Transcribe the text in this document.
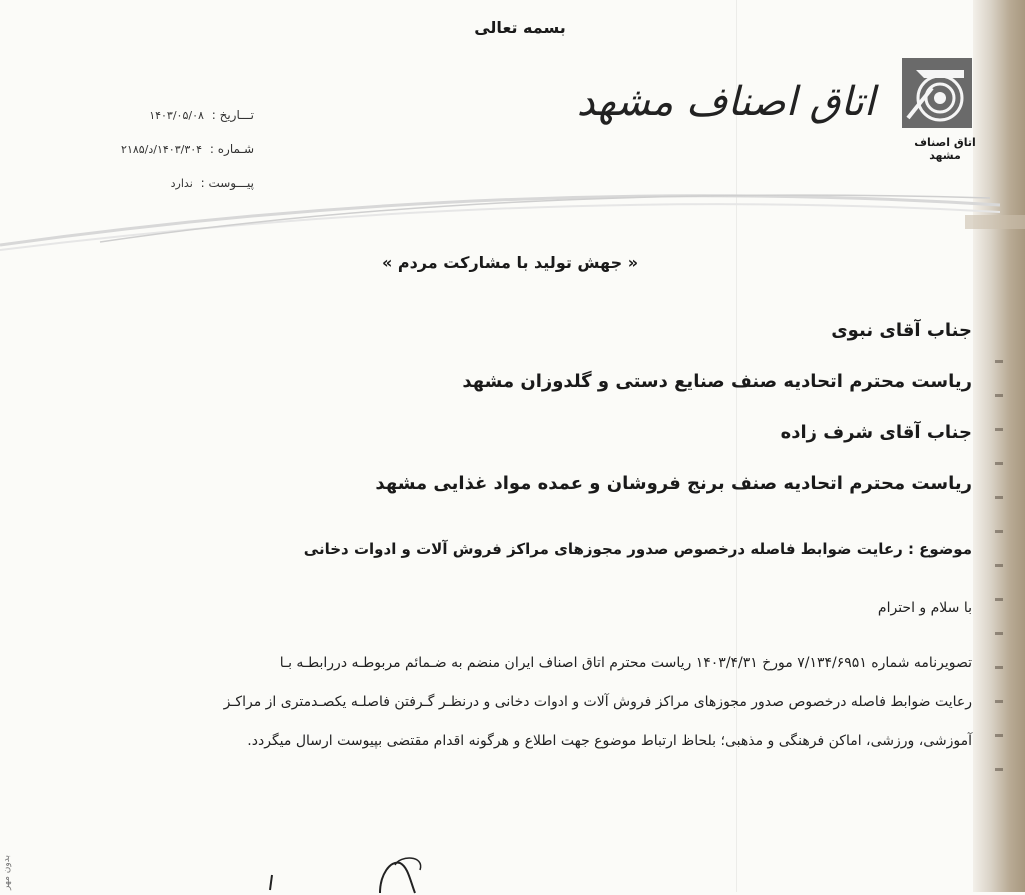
بسمه تعالی
اتاق اصناف مشهد
اتاق اصناف مشهد
تـــاریخ : ۱۴۰۳/۰۵/۰۸
شـماره : ۱۴۰۳/۳۰۴/د/۲۱۸۵
پیـــوست : ندارد
« جهش تولید با مشارکت مردم »
جناب آقای نبوی
ریاست محترم اتحادیه صنف صنایع دستی و گلدوزان مشهد
جناب آقای شرف زاده
ریاست محترم اتحادیه صنف برنج فروشان و عمده مواد غذایی مشهد
موضوع : رعایت ضوابط فاصله درخصوص صدور مجوزهای مراکز فروش آلات و ادوات دخانی
با سلام و احترام
تصویرنامه شماره ۷/۱۳۴/۶۹۵۱ مورخ ۱۴۰۳/۴/۳۱ ریاست محترم اتاق اصناف ایران منضم به ضـمائم مربوطـه دررابطـه بـا
رعایت ضوابط فاصله درخصوص صدور مجوزهای مراکز فروش آلات و ادوات دخانی و درنظـر گـرفتن فاصلـه یکصـدمتری از مراکـز
آموزشی، ورزشی، اماکن فرهنگی و مذهبی؛ بلحاظ ارتباط موضوع جهت اطلاع و هرگونه اقدام مقتضی بپیوست ارسال میگردد.
بدون مهر
